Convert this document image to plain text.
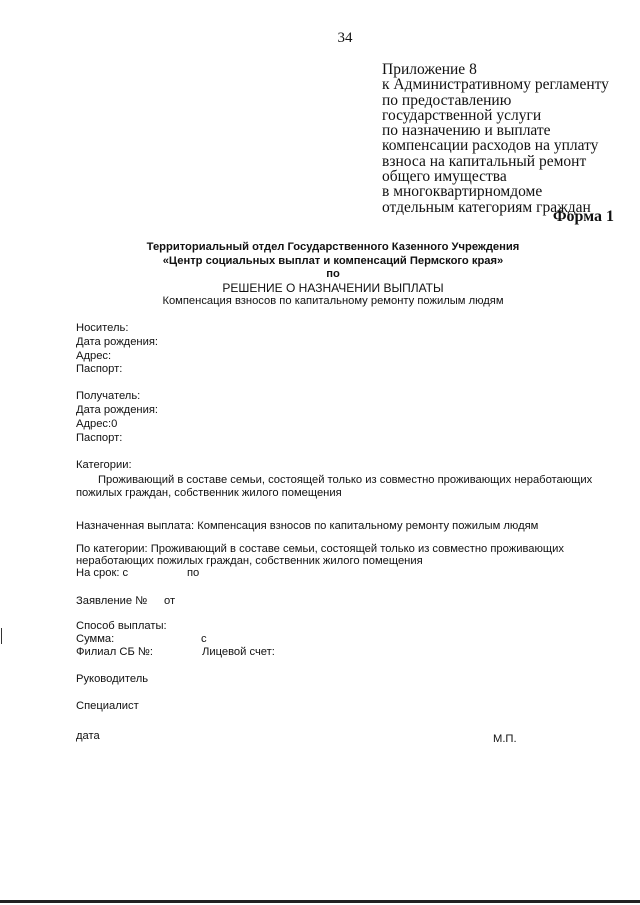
34
Приложение 8
к Административному регламенту
по предоставлению
государственной услуги
по назначению и выплате
компенсации расходов на уплату
взноса на капитальный ремонт
общего имущества
в многоквартирномдоме
отдельным категориям граждан
Форма 1
Территориальный отдел Государственного Казенного Учреждения
«Центр социальных выплат и компенсаций Пермского края»
по
РЕШЕНИЕ О НАЗНАЧЕНИИ ВЫПЛАТЫ
Компенсация взносов по капитальному ремонту пожилым людям
Носитель:
Дата рождения:
Адрес:
Паспорт:
Получатель:
Дата рождения:
Адрес:0
Паспорт:
Категории:
Проживающий в составе семьи, состоящей только из совместно проживающих неработающих
пожилых граждан, собственник жилого помещения
Назначенная выплата: Компенсация взносов по капитальному ремонту пожилым людям
По категории: Проживающий в составе семьи, состоящей только из совместно проживающих
неработающих пожилых граждан, собственник жилого помещения
На срок: с	по
Заявление № от
Способ выплаты:
Сумма:	с
Филиал СБ №:	Лицевой счет:
Руководитель
Специалист
дата	М.П.
